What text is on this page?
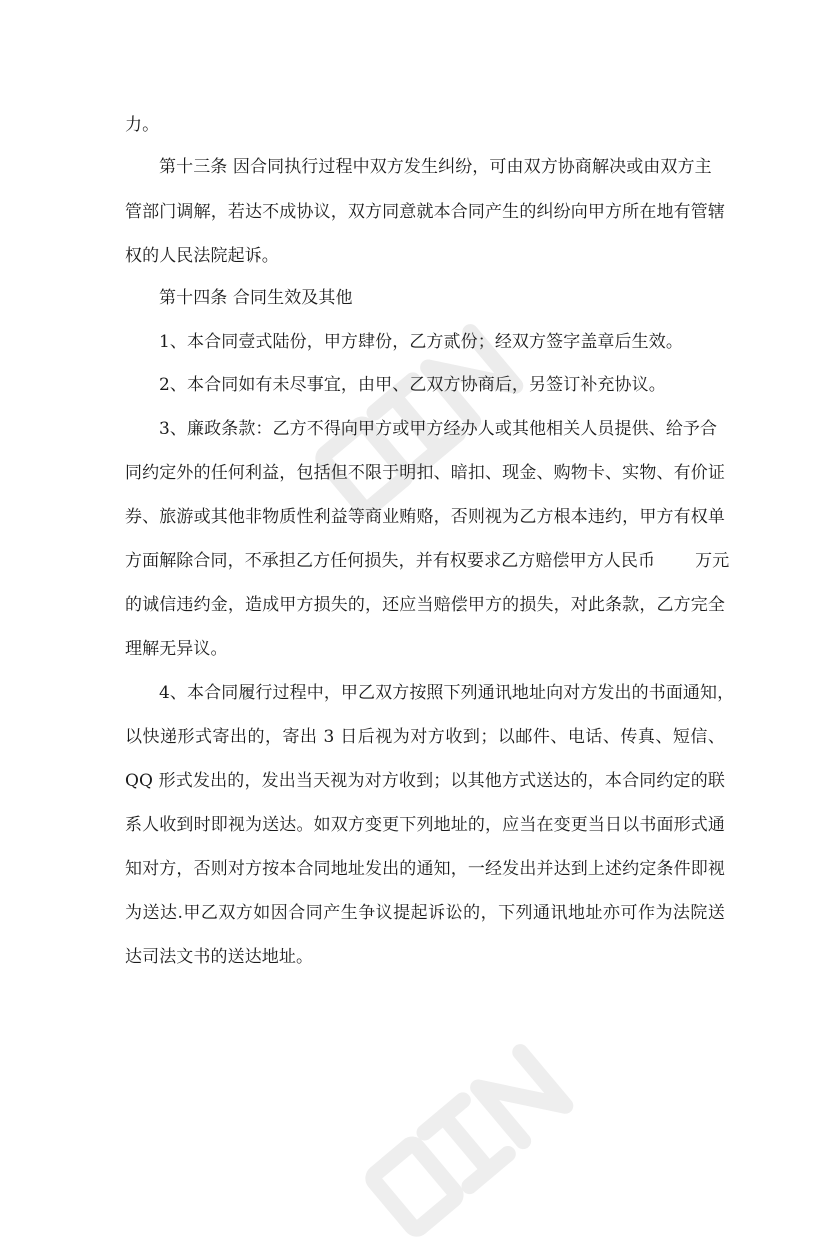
力。
第十三条 因合同执行过程中双方发生纠纷，可由双方协商解决或由双方主
管部门调解，若达不成协议，双方同意就本合同产生的纠纷向甲方所在地有管辖
权的人民法院起诉。
第十四条 合同生效及其他
1、本合同壹式陆份，甲方肆份，乙方贰份；经双方签字盖章后生效。
2、本合同如有未尽事宜，由甲、乙双方协商后，另签订补充协议。
3、廉政条款：乙方不得向甲方或甲方经办人或其他相关人员提供、给予合
同约定外的任何利益，包括但不限于明扣、暗扣、现金、购物卡、实物、有价证
券、旅游或其他非物质性利益等商业贿赂，否则视为乙方根本违约，甲方有权单
方面解除合同，不承担乙方任何损失，并有权要求乙方赔偿甲方人民币 万元
的诚信违约金，造成甲方损失的，还应当赔偿甲方的损失，对此条款，乙方完全
理解无异议。
4、本合同履行过程中，甲乙双方按照下列通讯地址向对方发出的书面通知，
以快递形式寄出的，寄出 3 日后视为对方收到；以邮件、电话、传真、短信、
QQ 形式发出的，发出当天视为对方收到；以其他方式送达的，本合同约定的联
系人收到时即视为送达。如双方变更下列地址的，应当在变更当日以书面形式通
知对方，否则对方按本合同地址发出的通知，一经发出并达到上述约定条件即视
为送达.甲乙双方如因合同产生争议提起诉讼的，下列通讯地址亦可作为法院送
达司法文书的送达地址。
